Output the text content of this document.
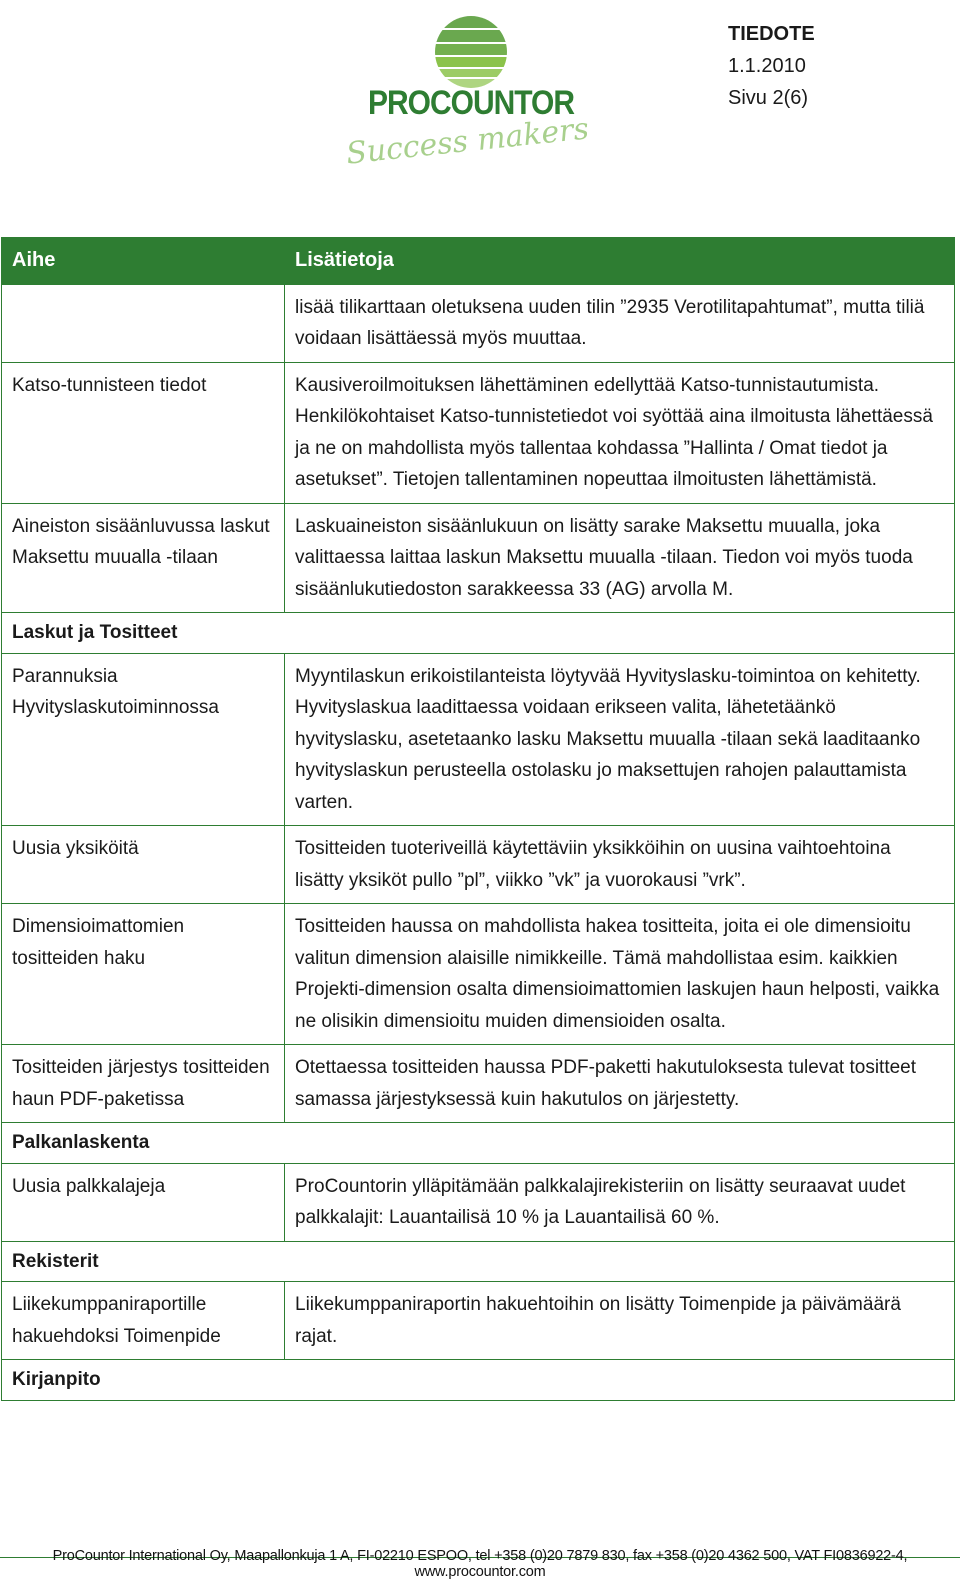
PROCOUNTOR
Success makers
TIEDOTE
1.1.2010
Sivu 2(6)
Aihe	Lisätietoja
	lisää tilikarttaan oletuksena uuden tilin ”2935 Verotilitapahtumat”, mutta tiliä voidaan lisättäessä myös muuttaa.
Katso-tunnisteen tiedot	Kausiveroilmoituksen lähettäminen edellyttää Katso-tunnistautumista. Henkilökohtaiset Katso-tunnistetiedot voi syöttää aina ilmoitusta lähettäessä ja ne on mahdollista myös tallentaa kohdassa ”Hallinta / Omat tiedot ja asetukset”. Tietojen tallentaminen nopeuttaa ilmoitusten lähettämistä.
Aineiston sisäänluvussa laskut Maksettu muualla -tilaan	Laskuaineiston sisäänlukuun on lisätty sarake Maksettu muualla, joka valittaessa laittaa laskun Maksettu muualla -tilaan. Tiedon voi myös tuoda sisäänlukutiedoston sarakkeessa 33 (AG) arvolla M.
Laskut ja Tositteet	
Parannuksia Hyvityslaskutoiminnossa	Myyntilaskun erikoistilanteista löytyvää Hyvityslasku-toimintoa on kehitetty. Hyvityslaskua laadittaessa voidaan erikseen valita, lähetetäänkö hyvityslasku, asetetaanko lasku Maksettu muualla -tilaan sekä laaditaanko hyvityslaskun perusteella ostolasku jo maksettujen rahojen palauttamista varten.
Uusia yksiköitä	Tositteiden tuoteriveillä käytettäviin yksikköihin on uusina vaihtoehtoina lisätty yksiköt pullo ”pl”, viikko ”vk” ja vuorokausi ”vrk”.
Dimensioimattomien tositteiden haku	Tositteiden haussa on mahdollista hakea tositteita, joita ei ole dimensioitu valitun dimension alaisille nimikkeille. Tämä mahdollistaa esim. kaikkien Projekti-dimension osalta dimensioimattomien laskujen haun helposti, vaikka ne olisikin dimensioitu muiden dimensioiden osalta.
Tositteiden järjestys tositteiden haun PDF-paketissa	Otettaessa tositteiden haussa PDF-paketti hakutuloksesta tulevat tositteet samassa järjestyksessä kuin hakutulos on järjestetty.
Palkanlaskenta	
Uusia palkkalajeja	ProCountorin ylläpitämään palkkalajirekisteriin on lisätty seuraavat uudet palkkalajit: Lauantailisä 10 % ja Lauantailisä 60 %.
Rekisterit	
Liikekumppaniraportille hakuehdoksi Toimenpide	Liikekumppaniraportin hakuehtoihin on lisätty Toimenpide ja päivämäärä rajat.
Kirjanpito	
ProCountor International Oy, Maapallonkuja 1 A, FI-02210 ESPOO, tel +358 (0)20 7879 830, fax +358 (0)20 4362 500, VAT FI0836922-4, www.procountor.com
